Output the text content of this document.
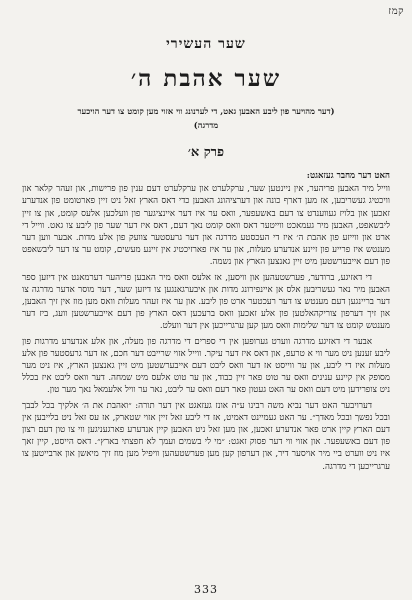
קמז
שער העשירי
שער אהבת ה׳
(דער מהויער פון ליבע האבען גאט, די לערנונג ווי אזוי מען קומט צו דער הויכער
מדרגה)
פרק א׳

האט דער מחבר געזאגט:

ווייל מיר האבען פריהער, אין ניינטען שער, ערקלערט און ערקלערט דעם ענין פון פרישות, און זעהר קלאר און וויכטיג געשריבען, אז מען דארף כונה און דערציהונג האבען כדי דאס הארץ זאל ניט זיין פארטומט פון אנדערע זאכען און בלויז געווענדט צו דעם באשעפער, וואס ער איז דער איינציגער פון וועלכען אלעס קומט, און צו זיין ליבשאפט, האבען מיר געמאכט ווייטער דאס וואס קומט נאך דעם, דאס איז דער שער פון ליבע צו גאט. ווייל די ארט און ווייזע פון אהבת ה׳ איז די העכסטע מדרגה און דער גרעסטער צוועק פון אלע מדות. אבער ווען דער מענטש איז פרייע פון זיינע אנדערע מעלות, און ער איז פארזיכטיג אין זיינע מעשים, קומט ער צו דער ליבשאפט פון דעם אייבערשטען מיט זיין גאנצען הארץ און נשמה.

די דאזיגע, ברודער, פערשטעהען און וויסען, אז אלעס וואס מיר האבען פריהער דערמאנט אין דיזען ספר האבען מיר נאר געשריבען אלס אן איינפירונג מדות און איבערגאנגען צו דיזען שער, דער מוסר אדער מדרגה צו דער בריינגען דעם מענטש צו דער רעכטער ארט פון ליבע. און ער איז זעהר מעלות וואס מען מוז אין זיך האבען, און זיך דערפון צוריקהאלטען פון אלע זאכען וואס ברעכען דאס הארץ פון דעם אייבערשטען וועג, ביז דער מענטש קומט צו דער שלימות וואס מען קען ערגרייכען אין דער וועלט.

אבער די דאזיגע מדרגה ווערט גערופען אין די ספרים די מדרגה פון מעלה, און אלע אנדערע מדרגות פון ליבע זענען ניט מער ווי א טרעפ, און דאס איז דער עיקר. ווייל אזוי שרייבט דער חכם, אז דער גרעסטער פון אלע מעלות איז די ליבע, און ער ווייסט אז דער וואס ליבט דעם אייבערשטען מיט זיין גאנצען הארץ, איז ניט מער מסופק אין קיינע ענינים וואס ער טוט פאר זיין כבוד, און ער טוט אלעס מיט שמחה. דער וואס ליבט איז בכלל ניט צופרידען מיט דעם וואס ער האט געטון פאר דעם וואס ער ליבט, נאר ער וויל אלעמאל נאך מער טון.

דערויבער האט דער נביא משה רבינו ע״ה אונז געזאגט אין דער תורה: ״ואהבת את ה׳ אלקיך בכל לבבך ובכל נפשך ובכל מאדך״. ער האט געמיינט דאמיט, אז די ליבע זאל זיין אזוי שטארק, אז עס זאל ניט בלייבען אין דעם הארץ קיין ארט פאר אנדערע זאכען, און מען זאל ניט האבען קיין אנדערע פארגעניגען ווי צו טון דעם רצון פון דעם באשעפער. און אזוי ווי דער פסוק זאגט: ״מי לי בשמים ועמך לא חפצתי בארץ״. דאס הייסט, קיין זאך איז ניט ווערט ביי מיר אויסער דיר, און דערפון קען מען פערשטעהען וויפיל מען מוז זיך מיאשן און ארבייטען צו ערגרייכען די מדרגה.

333
